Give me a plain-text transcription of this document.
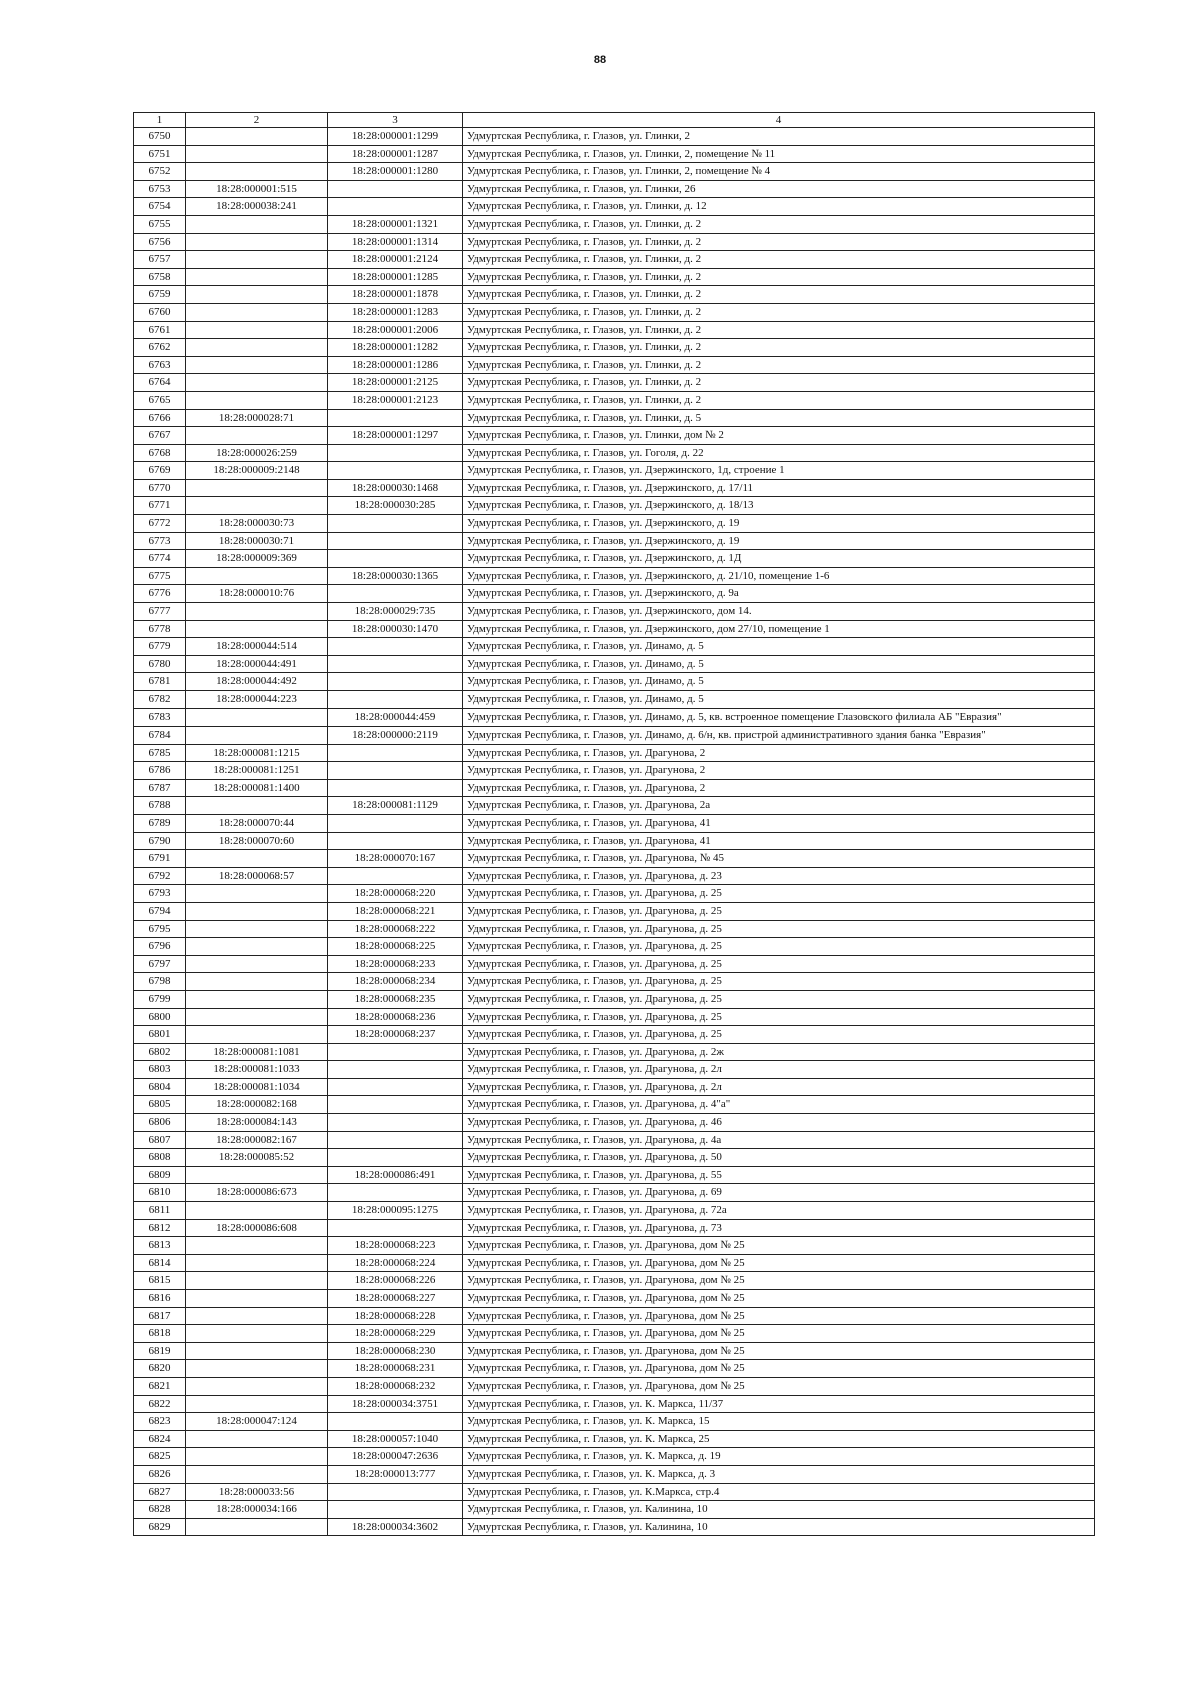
88
1	2	3	4
6750		18:28:000001:1299	Удмуртская Республика, г. Глазов, ул. Глинки, 2
6751		18:28:000001:1287	Удмуртская Республика, г. Глазов, ул. Глинки, 2, помещение № 11
6752		18:28:000001:1280	Удмуртская Республика, г. Глазов, ул. Глинки, 2, помещение № 4
6753	18:28:000001:515		Удмуртская Республика, г. Глазов, ул. Глинки, 26
6754	18:28:000038:241		Удмуртская Республика, г. Глазов, ул. Глинки, д. 12
6755		18:28:000001:1321	Удмуртская Республика, г. Глазов, ул. Глинки, д. 2
6756		18:28:000001:1314	Удмуртская Республика, г. Глазов, ул. Глинки, д. 2
6757		18:28:000001:2124	Удмуртская Республика, г. Глазов, ул. Глинки, д. 2
6758		18:28:000001:1285	Удмуртская Республика, г. Глазов, ул. Глинки, д. 2
6759		18:28:000001:1878	Удмуртская Республика, г. Глазов, ул. Глинки, д. 2
6760		18:28:000001:1283	Удмуртская Республика, г. Глазов, ул. Глинки, д. 2
6761		18:28:000001:2006	Удмуртская Республика, г. Глазов, ул. Глинки, д. 2
6762		18:28:000001:1282	Удмуртская Республика, г. Глазов, ул. Глинки, д. 2
6763		18:28:000001:1286	Удмуртская Республика, г. Глазов, ул. Глинки, д. 2
6764		18:28:000001:2125	Удмуртская Республика, г. Глазов, ул. Глинки, д. 2
6765		18:28:000001:2123	Удмуртская Республика, г. Глазов, ул. Глинки, д. 2
6766	18:28:000028:71		Удмуртская Республика, г. Глазов, ул. Глинки, д. 5
6767		18:28:000001:1297	Удмуртская Республика, г. Глазов, ул. Глинки, дом № 2
6768	18:28:000026:259		Удмуртская Республика, г. Глазов, ул. Гоголя, д. 22
6769	18:28:000009:2148		Удмуртская Республика, г. Глазов, ул. Дзержинского, 1д, строение 1
6770		18:28:000030:1468	Удмуртская Республика, г. Глазов, ул. Дзержинского, д. 17/11
6771		18:28:000030:285	Удмуртская Республика, г. Глазов, ул. Дзержинского, д. 18/13
6772	18:28:000030:73		Удмуртская Республика, г. Глазов, ул. Дзержинского, д. 19
6773	18:28:000030:71		Удмуртская Республика, г. Глазов, ул. Дзержинского, д. 19
6774	18:28:000009:369		Удмуртская Республика, г. Глазов, ул. Дзержинского, д. 1Д
6775		18:28:000030:1365	Удмуртская Республика, г. Глазов, ул. Дзержинского, д. 21/10, помещение 1-6
6776	18:28:000010:76		Удмуртская Республика, г. Глазов, ул. Дзержинского, д. 9а
6777		18:28:000029:735	Удмуртская Республика, г. Глазов, ул. Дзержинского, дом 14.
6778		18:28:000030:1470	Удмуртская Республика, г. Глазов, ул. Дзержинского, дом 27/10, помещение 1
6779	18:28:000044:514		Удмуртская Республика, г. Глазов, ул. Динамо, д. 5
6780	18:28:000044:491		Удмуртская Республика, г. Глазов, ул. Динамо, д. 5
6781	18:28:000044:492		Удмуртская Республика, г. Глазов, ул. Динамо, д. 5
6782	18:28:000044:223		Удмуртская Республика, г. Глазов, ул. Динамо, д. 5
6783		18:28:000044:459	Удмуртская Республика, г. Глазов, ул. Динамо, д. 5, кв. встроенное помещение Глазовского филиала АБ "Евразия"
6784		18:28:000000:2119	Удмуртская Республика, г. Глазов, ул. Динамо, д. 6/н, кв. пристрой административного здания банка "Евразия"
6785	18:28:000081:1215		Удмуртская Республика, г. Глазов, ул. Драгунова, 2
6786	18:28:000081:1251		Удмуртская Республика, г. Глазов, ул. Драгунова, 2
6787	18:28:000081:1400		Удмуртская Республика, г. Глазов, ул. Драгунова, 2
6788		18:28:000081:1129	Удмуртская Республика, г. Глазов, ул. Драгунова, 2а
6789	18:28:000070:44		Удмуртская Республика, г. Глазов, ул. Драгунова, 41
6790	18:28:000070:60		Удмуртская Республика, г. Глазов, ул. Драгунова, 41
6791		18:28:000070:167	Удмуртская Республика, г. Глазов, ул. Драгунова, № 45
6792	18:28:000068:57		Удмуртская Республика, г. Глазов, ул. Драгунова, д. 23
6793		18:28:000068:220	Удмуртская Республика, г. Глазов, ул. Драгунова, д. 25
6794		18:28:000068:221	Удмуртская Республика, г. Глазов, ул. Драгунова, д. 25
6795		18:28:000068:222	Удмуртская Республика, г. Глазов, ул. Драгунова, д. 25
6796		18:28:000068:225	Удмуртская Республика, г. Глазов, ул. Драгунова, д. 25
6797		18:28:000068:233	Удмуртская Республика, г. Глазов, ул. Драгунова, д. 25
6798		18:28:000068:234	Удмуртская Республика, г. Глазов, ул. Драгунова, д. 25
6799		18:28:000068:235	Удмуртская Республика, г. Глазов, ул. Драгунова, д. 25
6800		18:28:000068:236	Удмуртская Республика, г. Глазов, ул. Драгунова, д. 25
6801		18:28:000068:237	Удмуртская Республика, г. Глазов, ул. Драгунова, д. 25
6802	18:28:000081:1081		Удмуртская Республика, г. Глазов, ул. Драгунова, д. 2ж
6803	18:28:000081:1033		Удмуртская Республика, г. Глазов, ул. Драгунова, д. 2л
6804	18:28:000081:1034		Удмуртская Республика, г. Глазов, ул. Драгунова, д. 2л
6805	18:28:000082:168		Удмуртская Республика, г. Глазов, ул. Драгунова, д. 4"а"
6806	18:28:000084:143		Удмуртская Республика, г. Глазов, ул. Драгунова, д. 46
6807	18:28:000082:167		Удмуртская Республика, г. Глазов, ул. Драгунова, д. 4а
6808	18:28:000085:52		Удмуртская Республика, г. Глазов, ул. Драгунова, д. 50
6809		18:28:000086:491	Удмуртская Республика, г. Глазов, ул. Драгунова, д. 55
6810	18:28:000086:673		Удмуртская Республика, г. Глазов, ул. Драгунова, д. 69
6811		18:28:000095:1275	Удмуртская Республика, г. Глазов, ул. Драгунова, д. 72а
6812	18:28:000086:608		Удмуртская Республика, г. Глазов, ул. Драгунова, д. 73
6813		18:28:000068:223	Удмуртская Республика, г. Глазов, ул. Драгунова, дом № 25
6814		18:28:000068:224	Удмуртская Республика, г. Глазов, ул. Драгунова, дом № 25
6815		18:28:000068:226	Удмуртская Республика, г. Глазов, ул. Драгунова, дом № 25
6816		18:28:000068:227	Удмуртская Республика, г. Глазов, ул. Драгунова, дом № 25
6817		18:28:000068:228	Удмуртская Республика, г. Глазов, ул. Драгунова, дом № 25
6818		18:28:000068:229	Удмуртская Республика, г. Глазов, ул. Драгунова, дом № 25
6819		18:28:000068:230	Удмуртская Республика, г. Глазов, ул. Драгунова, дом № 25
6820		18:28:000068:231	Удмуртская Республика, г. Глазов, ул. Драгунова, дом № 25
6821		18:28:000068:232	Удмуртская Республика, г. Глазов, ул. Драгунова, дом № 25
6822		18:28:000034:3751	Удмуртская Республика, г. Глазов, ул. К. Маркса, 11/37
6823	18:28:000047:124		Удмуртская Республика, г. Глазов, ул. К. Маркса, 15
6824		18:28:000057:1040	Удмуртская Республика, г. Глазов, ул. К. Маркса, 25
6825		18:28:000047:2636	Удмуртская Республика, г. Глазов, ул. К. Маркса, д. 19
6826		18:28:000013:777	Удмуртская Республика, г. Глазов, ул. К. Маркса, д. 3
6827	18:28:000033:56		Удмуртская Республика, г. Глазов, ул. К.Маркса, стр.4
6828	18:28:000034:166		Удмуртская Республика, г. Глазов, ул. Калинина, 10
6829		18:28:000034:3602	Удмуртская Республика, г. Глазов, ул. Калинина, 10
